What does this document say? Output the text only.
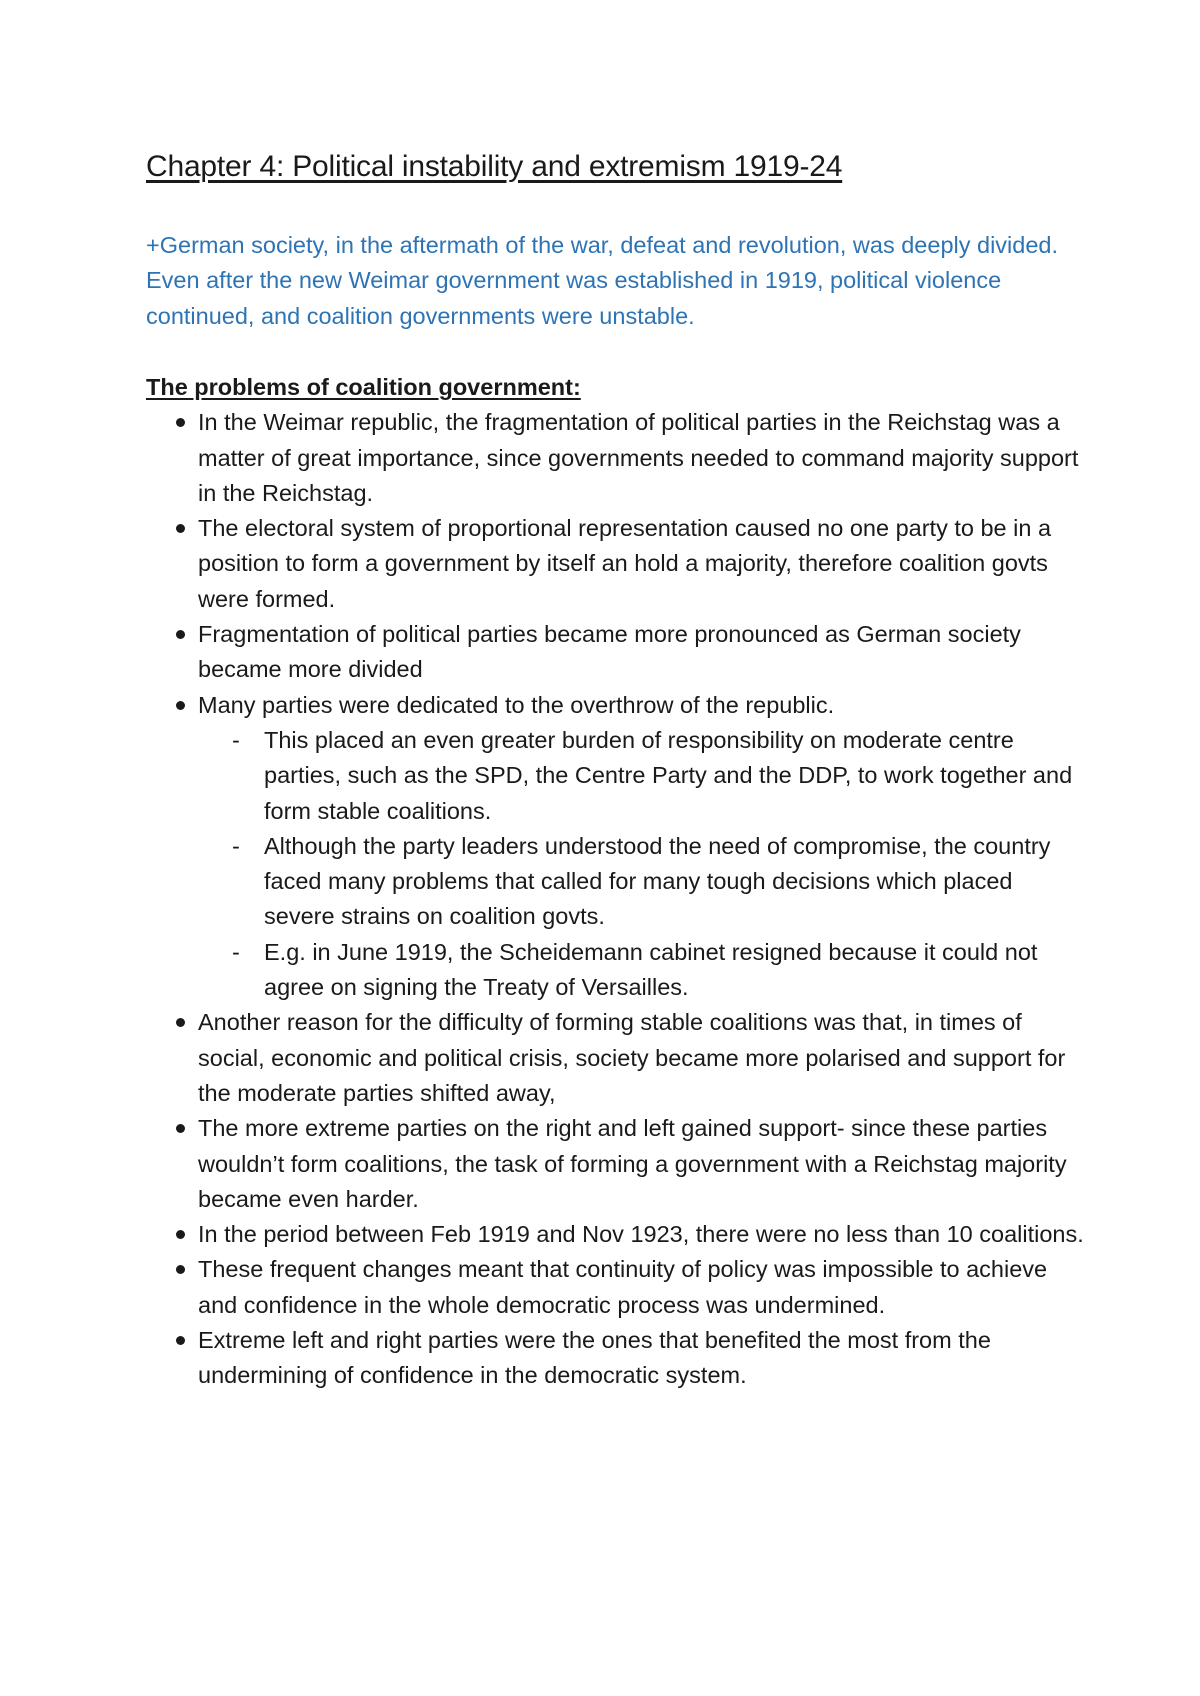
Chapter 4: Political instability and extremism 1919-24

+German society, in the aftermath of the war, defeat and revolution, was deeply divided. Even after the new Weimar government was established in 1919, political violence continued, and coalition governments were unstable.

The problems of coalition government:

In the Weimar republic, the fragmentation of political parties in the Reichstag was a matter of great importance, since governments needed to command majority support in the Reichstag.
The electoral system of proportional representation caused no one party to be in a position to form a government by itself an hold a majority, therefore coalition govts were formed.
Fragmentation of political parties became more pronounced as German society became more divided
Many parties were dedicated to the overthrow of the republic.
- This placed an even greater burden of responsibility on moderate centre parties, such as the SPD, the Centre Party and the DDP, to work together and form stable coalitions.
- Although the party leaders understood the need of compromise, the country faced many problems that called for many tough decisions which placed severe strains on coalition govts.
- E.g. in June 1919, the Scheidemann cabinet resigned because it could not agree on signing the Treaty of Versailles.
Another reason for the difficulty of forming stable coalitions was that, in times of social, economic and political crisis, society became more polarised and support for the moderate parties shifted away,
The more extreme parties on the right and left gained support- since these parties wouldn’t form coalitions, the task of forming a government with a Reichstag majority became even harder.
In the period between Feb 1919 and Nov 1923, there were no less than 10 coalitions.
These frequent changes meant that continuity of policy was impossible to achieve and confidence in the whole democratic process was undermined.
Extreme left and right parties were the ones that benefited the most from the undermining of confidence in the democratic system.
